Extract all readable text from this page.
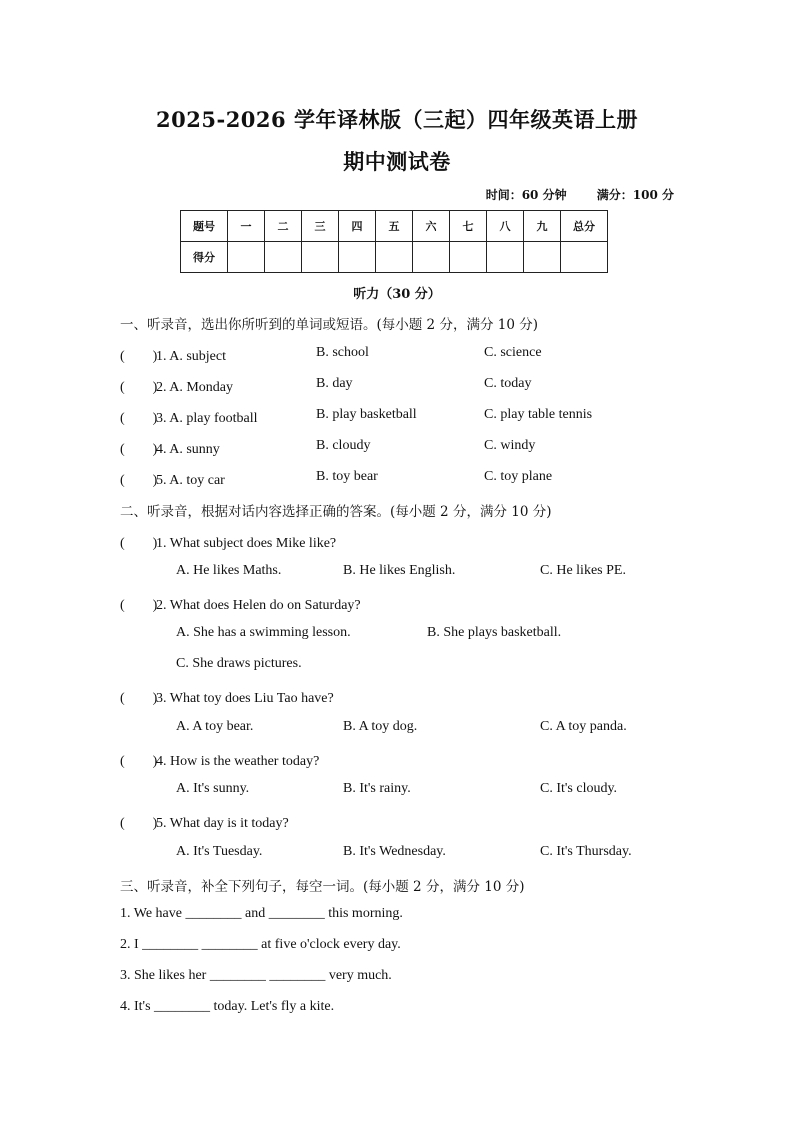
2025-2026 学年译林版（三起）四年级英语上册
期中测试卷
时间：60 分钟	满分：100 分
题号	一	二	三	四	五	六	七	八	九	总分
得分										
听力（30 分）
一、听录音，选出你所听到的单词或短语。(每小题 2 分，满分 10 分)
(　　)1. A. subject	B. school	C. science
(　　)2. A. Monday	B. day	C. today
(　　)3. A. play football	B. play basketball	C. play table tennis
(　　)4. A. sunny	B. cloudy	C. windy
(　　)5. A. toy car	B. toy bear	C. toy plane
二、听录音，根据对话内容选择正确的答案。(每小题 2 分，满分 10 分)
(　　)1. What subject does Mike like?
A. He likes Maths.	B. He likes English.	C. He likes PE.
(　　)2. What does Helen do on Saturday?
A. She has a swimming lesson.	B. She plays basketball.
C. She draws pictures.
(　　)3. What toy does Liu Tao have?
A. A toy bear.	B. A toy dog.	C. A toy panda.
(　　)4. How is the weather today?
A. It's sunny.	B. It's rainy.	C. It's cloudy.
(　　)5. What day is it today?
A. It's Tuesday.	B. It's Wednesday.	C. It's Thursday.
三、听录音，补全下列句子，每空一词。(每小题 2 分，满分 10 分)
1. We have ________ and ________ this morning.
2. I ________ ________ at five o'clock every day.
3. She likes her ________ ________ very much.
4. It's ________ today. Let's fly a kite.
